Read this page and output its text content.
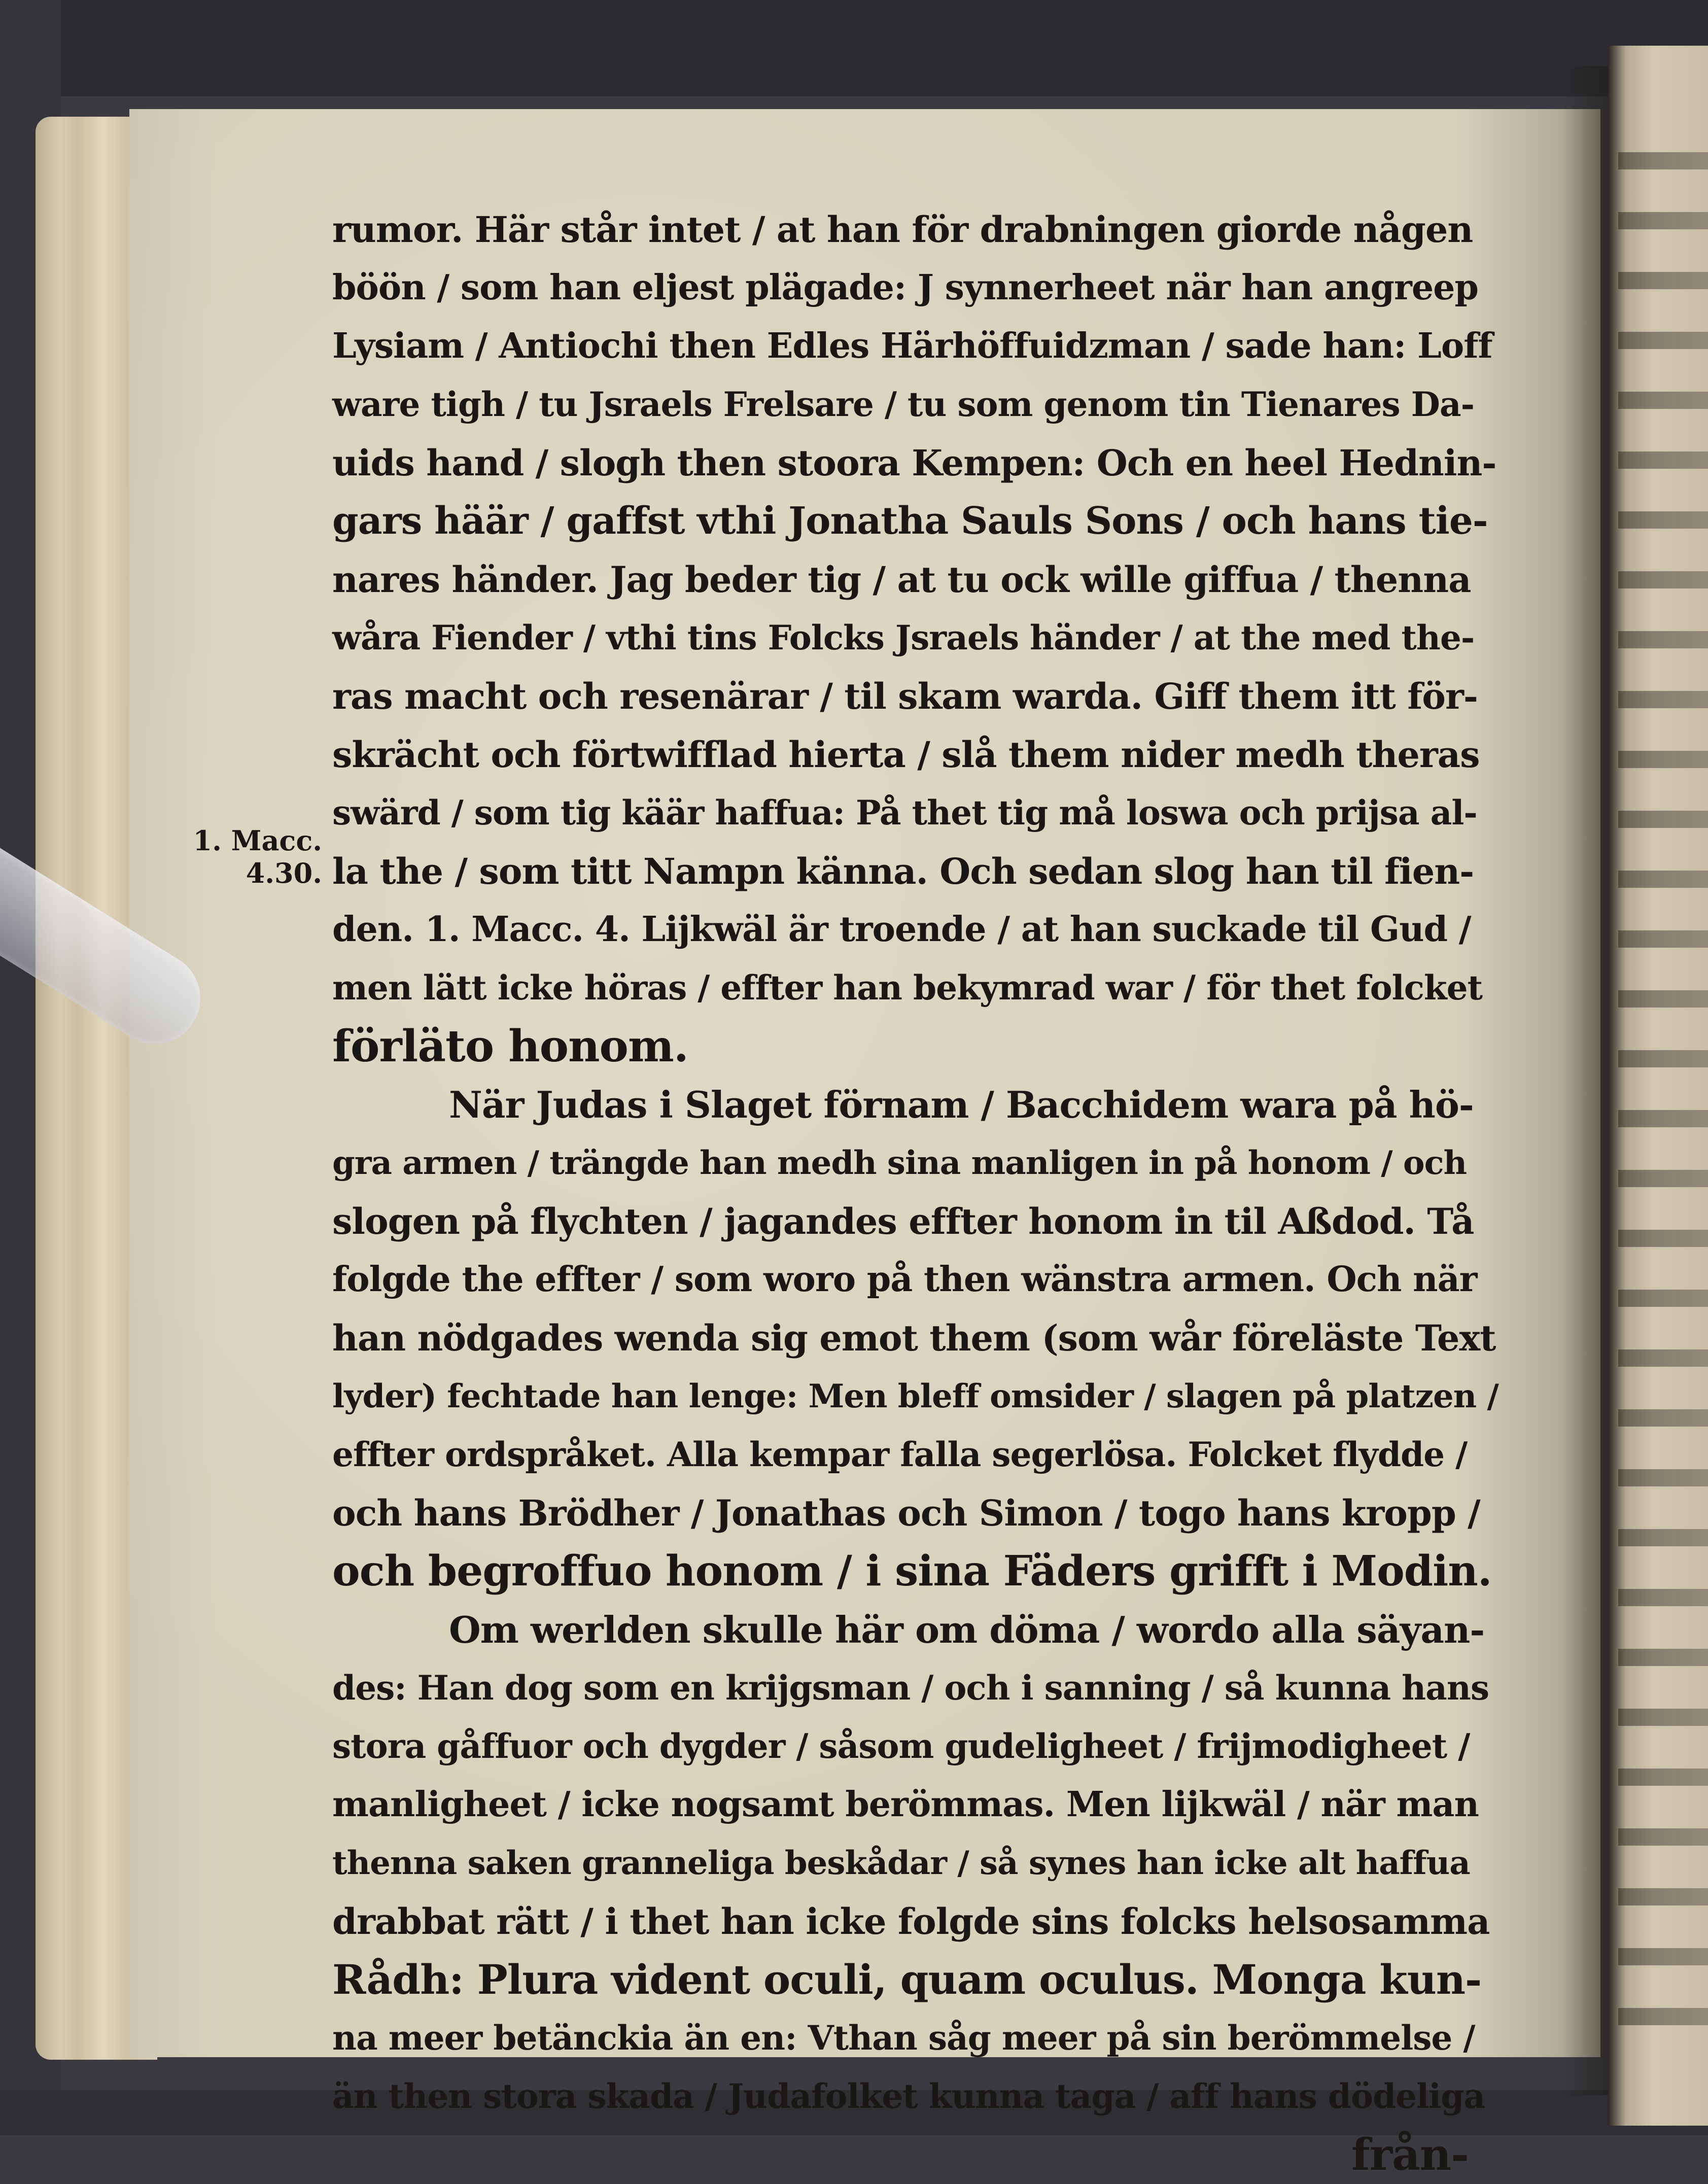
1. Macc.
4.30.
rumor. Här står intet / at han för drabningen giorde någen
böön / som han eljest plägade: J synnerheet när han angreep
Lysiam / Antiochi then Edles Härhöffuidzman / sade han: Loff
ware tigh / tu Jsraels Frelsare / tu som genom tin Tienares Da-
uids hand / slogh then stoora Kempen: Och en heel Hednin-
gars häär / gaffst vthi Jonatha Sauls Sons / och hans tie-
nares händer. Jag beder tig / at tu ock wille giffua / thenna
wåra Fiender / vthi tins Folcks Jsraels händer / at the med the-
ras macht och resenärar / til skam warda. Giff them itt för-
skrächt och förtwifflad hierta / slå them nider medh theras
swärd / som tig käär haffua: På thet tig må loswa och prijsa al-
la the / som titt Nampn känna. Och sedan slog han til fien-
den. 1. Macc. 4. Lijkwäl är troende / at han suckade til Gud /
men lätt icke höras / effter han bekymrad war / för thet folcket
förläto honom.
När Judas i Slaget förnam / Bacchidem wara på hö-
gra armen / trängde han medh sina manligen in på honom / och
slogen på flychten / jagandes effter honom in til Aßdod. Tå
folgde the effter / som woro på then wänstra armen. Och när
han nödgades wenda sig emot them (som wår föreläste Text
lyder) fechtade han lenge: Men bleff omsider / slagen på platzen /
effter ordspråket. Alla kempar falla segerlösa. Folcket flydde /
och hans Brödher / Jonathas och Simon / togo hans kropp /
och begroffuo honom / i sina Fäders grifft i Modin.
Om werlden skulle här om döma / wordo alla säyan-
des: Han dog som en krijgsman / och i sanning / så kunna hans
stora gåffuor och dygder / såsom gudeligheet / frijmodigheet /
manligheet / icke nogsamt berömmas. Men lijkwäl / när man
thenna saken granneliga beskådar / så synes han icke alt haffua
drabbat rätt / i thet han icke folgde sins folcks helsosamma
Rådh: Plura vident oculi, quam oculus. Monga kun-
na meer betänckia än en: Vthan såg meer på sin berömmelse /
än then stora skada / Judafolket kunna taga / aff hans dödeliga
från-
